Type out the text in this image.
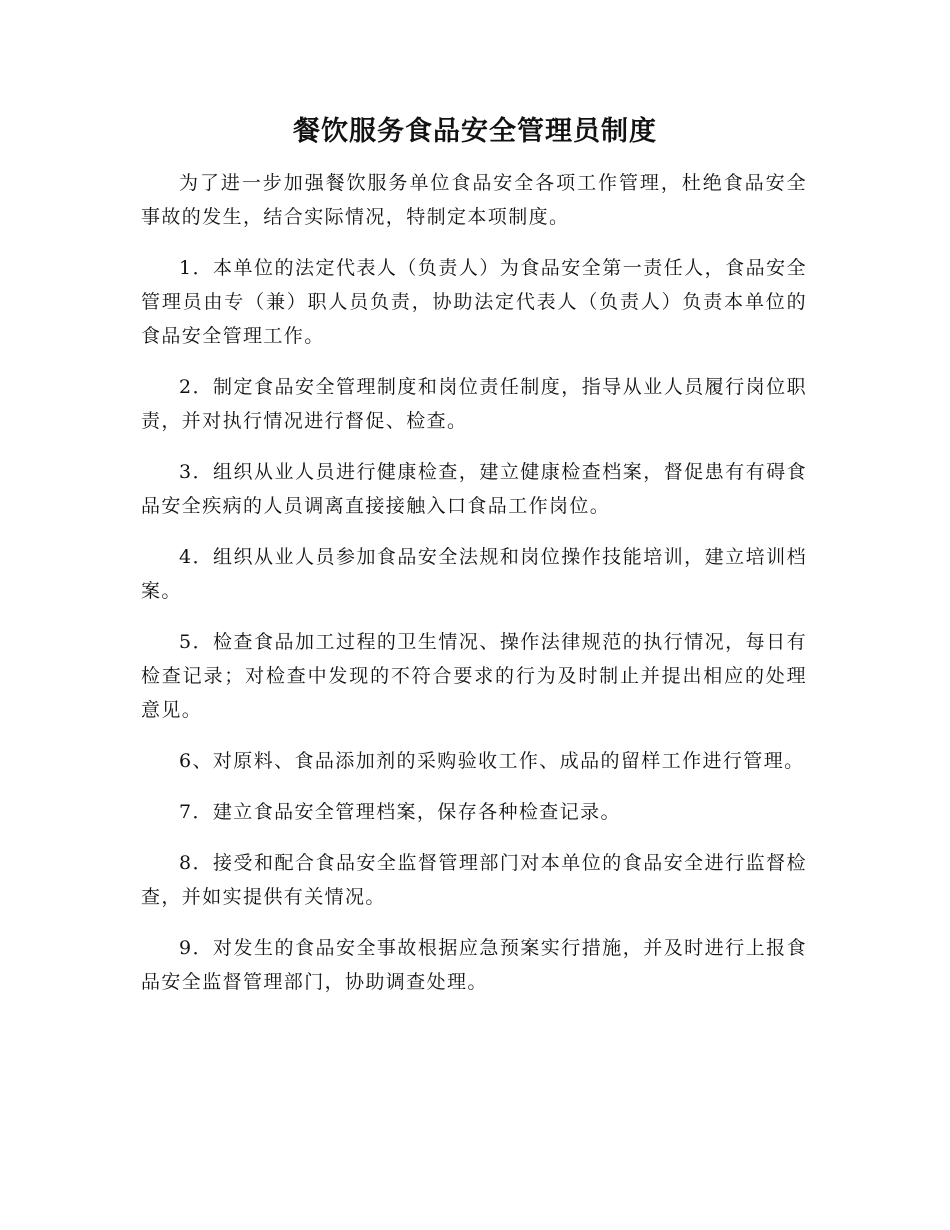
餐饮服务食品安全管理员制度

为了进一步加强餐饮服务单位食品安全各项工作管理，杜绝食品安全事故的发生，结合实际情况，特制定本项制度。

1．本单位的法定代表人（负责人）为食品安全第一责任人，食品安全管理员由专（兼）职人员负责，协助法定代表人（负责人）负责本单位的食品安全管理工作。

2．制定食品安全管理制度和岗位责任制度，指导从业人员履行岗位职责，并对执行情况进行督促、检查。

3．组织从业人员进行健康检查，建立健康检查档案，督促患有有碍食品安全疾病的人员调离直接接触入口食品工作岗位。

4．组织从业人员参加食品安全法规和岗位操作技能培训，建立培训档案。

5．检查食品加工过程的卫生情况、操作法律规范的执行情况，每日有检查记录；对检查中发现的不符合要求的行为及时制止并提出相应的处理意见。

6、对原料、食品添加剂的采购验收工作、成品的留样工作进行管理。

7．建立食品安全管理档案，保存各种检查记录。

8．接受和配合食品安全监督管理部门对本单位的食品安全进行监督检查，并如实提供有关情况。

9．对发生的食品安全事故根据应急预案实行措施，并及时进行上报食品安全监督管理部门，协助调查处理。
